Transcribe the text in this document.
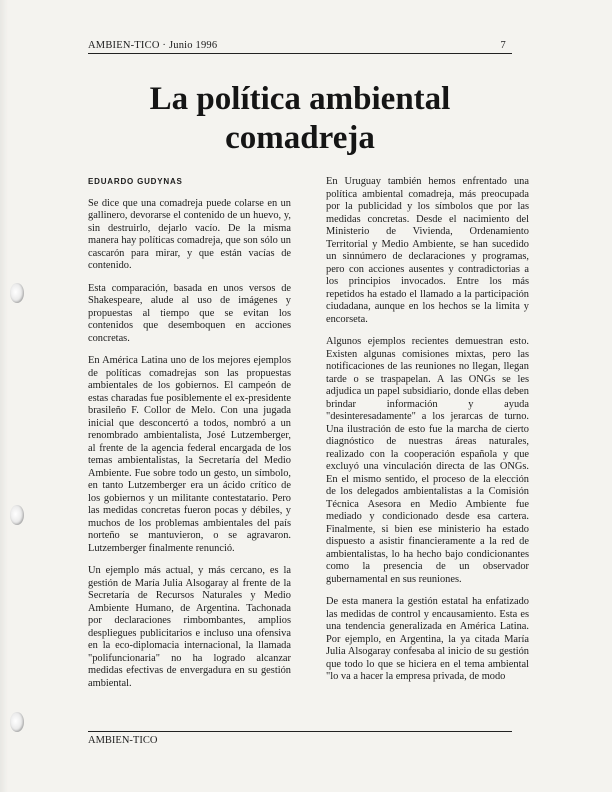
AMBIEN-TICO · Junio 1996	7
La política ambiental comadreja
EDUARDO GUDYNAS

Se dice que una comadreja puede colarse en un gallinero, devorarse el contenido de un huevo, y, sin destruirlo, dejarlo vacío. De la misma manera hay políticas comadreja, que son sólo un cascarón para mirar, y que están vacías de contenido.

Esta comparación, basada en unos versos de Shakespeare, alude al uso de imágenes y propuestas al tiempo que se evitan los contenidos que desemboquen en acciones concretas.

En América Latina uno de los mejores ejemplos de políticas comadrejas son las propuestas ambientales de los gobiernos. El campeón de estas charadas fue posiblemente el ex-presidente brasileño F. Collor de Melo. Con una jugada inicial que desconcertó a todos, nombró a un renombrado ambientalista, José Lutzemberger, al frente de la agencia federal encargada de los temas ambientalistas, la Secretaría del Medio Ambiente. Fue sobre todo un gesto, un símbolo, en tanto Lutzemberger era un ácido crítico de los gobiernos y un militante contestatario. Pero las medidas concretas fueron pocas y débiles, y muchos de los problemas ambientales del país norteño se mantuvieron, o se agravaron. Lutzemberger finalmente renunció.

Un ejemplo más actual, y más cercano, es la gestión de María Julia Alsogaray al frente de la Secretaría de Recursos Naturales y Medio Ambiente Humano, de Argentina. Tachonada por declaraciones rimbombantes, amplios despliegues publicitarios e incluso una ofensiva en la eco-diplomacia internacional, la llamada "polifuncionaria" no ha logrado alcanzar medidas efectivas de envergadura en su gestión ambiental.

En Uruguay también hemos enfrentado una política ambiental comadreja, más preocupada por la publicidad y los símbolos que por las medidas concretas. Desde el nacimiento del Ministerio de Vivienda, Ordenamiento Territorial y Medio Ambiente, se han sucedido un sinnúmero de declaraciones y programas, pero con acciones ausentes y contradictorias a los principios invocados. Entre los más repetidos ha estado el llamado a la participación ciudadana, aunque en los hechos se la limita y encorseta.

Algunos ejemplos recientes demuestran esto. Existen algunas comisiones mixtas, pero las notificaciones de las reuniones no llegan, llegan tarde o se traspapelan. A las ONGs se les adjudica un papel subsidiario, donde ellas deben brindar información y ayuda "desinteresadamente" a los jerarcas de turno. Una ilustración de esto fue la marcha de cierto diagnóstico de nuestras áreas naturales, realizado con la cooperación española y que excluyó una vinculación directa de las ONGs. En el mismo sentido, el proceso de la elección de los delegados ambientalistas a la Comisión Técnica Asesora en Medio Ambiente fue mediado y condicionado desde esa cartera. Finalmente, si bien ese ministerio ha estado dispuesto a asistir financieramente a la red de ambientalistas, lo ha hecho bajo condicionantes como la presencia de un observador gubernamental en sus reuniones.

De esta manera la gestión estatal ha enfatizado las medidas de control y encausamiento. Esta es una tendencia generalizada en América Latina. Por ejemplo, en Argentina, la ya citada María Julia Alsogaray confesaba al inicio de su gestión que todo lo que se hiciera en el tema ambiental "lo va a hacer la empresa privada, de modo

AMBIEN-TICO
